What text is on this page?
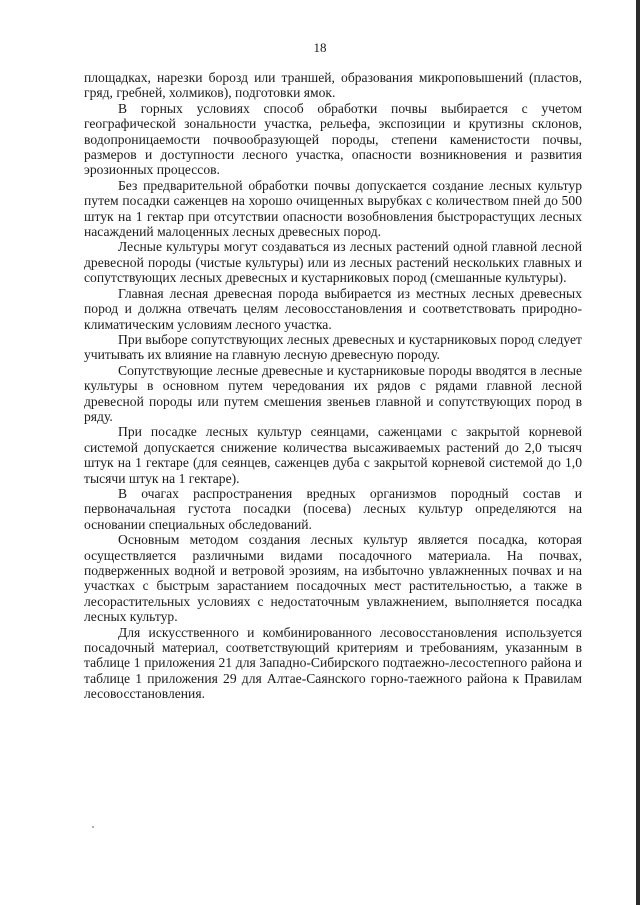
18

площадках, нарезки борозд или траншей, образования микроповышений (пластов, гряд, гребней, холмиков), подготовки ямок.

В горных условиях способ обработки почвы выбирается с учетом географической зональности участка, рельефа, экспозиции и крутизны склонов, водопроницаемости почвообразующей породы, степени каменистости почвы, размеров и доступности лесного участка, опасности возникновения и развития эрозионных процессов.

Без предварительной обработки почвы допускается создание лесных культур путем посадки саженцев на хорошо очищенных вырубках с количеством пней до 500 штук на 1 гектар при отсутствии опасности возобновления быстрорастущих лесных насаждений малоценных лесных древесных пород.

Лесные культуры могут создаваться из лесных растений одной главной лесной древесной породы (чистые культуры) или из лесных растений нескольких главных и сопутствующих лесных древесных и кустарниковых пород (смешанные культуры).

Главная лесная древесная порода выбирается из местных лесных древесных пород и должна отвечать целям лесовосстановления и соответствовать природно-климатическим условиям лесного участка.

При выборе сопутствующих лесных древесных и кустарниковых пород следует учитывать их влияние на главную лесную древесную породу.

Сопутствующие лесные древесные и кустарниковые породы вводятся в лесные культуры в основном путем чередования их рядов с рядами главной лесной древесной породы или путем смешения звеньев главной и сопутствующих пород в ряду.

При посадке лесных культур сеянцами, саженцами с закрытой корневой системой допускается снижение количества высаживаемых растений до 2,0 тысяч штук на 1 гектаре (для сеянцев, саженцев дуба с закрытой корневой системой до 1,0 тысячи штук на 1 гектаре).

В очагах распространения вредных организмов породный состав и первоначальная густота посадки (посева) лесных культур определяются на основании специальных обследований.

Основным методом создания лесных культур является посадка, которая осуществляется различными видами посадочного материала. На почвах, подверженных водной и ветровой эрозиям, на избыточно увлажненных почвах и на участках с быстрым зарастанием посадочных мест растительностью, а также в лесорастительных условиях с недостаточным увлажнением, выполняется посадка лесных культур.

Для искусственного и комбинированного лесовосстановления используется посадочный материал, соответствующий критериям и требованиям, указанным в таблице 1 приложения 21 для Западно-Сибирского подтаежно-лесостепного района и таблице 1 приложения 29 для Алтае-Саянского горно-таежного района к Правилам лесовосстановления.
